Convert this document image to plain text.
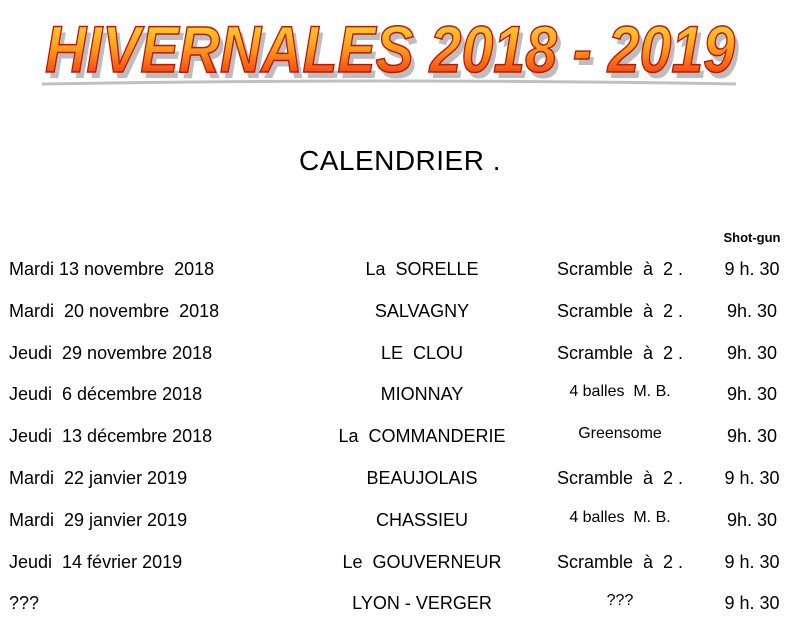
HIVERNALES 2018 - 2019
HIVERNALES 2018 - 2019
CALENDRIER .
Shot-gun
Mardi 13 novembre  2018	La  SORELLE	Scramble  à  2 .	9 h. 30
Mardi  20 novembre  2018	SALVAGNY	Scramble  à  2 .	9h. 30
Jeudi  29 novembre 2018	LE  CLOU	Scramble  à  2 .	9h. 30
Jeudi  6 décembre 2018	MIONNAY	4 balles  M. B.	9h. 30
Jeudi  13 décembre 2018	La  COMMANDERIE	Greensome	9h. 30
Mardi  22 janvier 2019	BEAUJOLAIS	Scramble  à  2 .	9 h. 30
Mardi  29 janvier 2019	CHASSIEU	4 balles  M. B.	9h. 30
Jeudi  14 février 2019	Le  GOUVERNEUR	Scramble  à  2 .	9 h. 30
???	LYON - VERGER	???	9 h. 30
